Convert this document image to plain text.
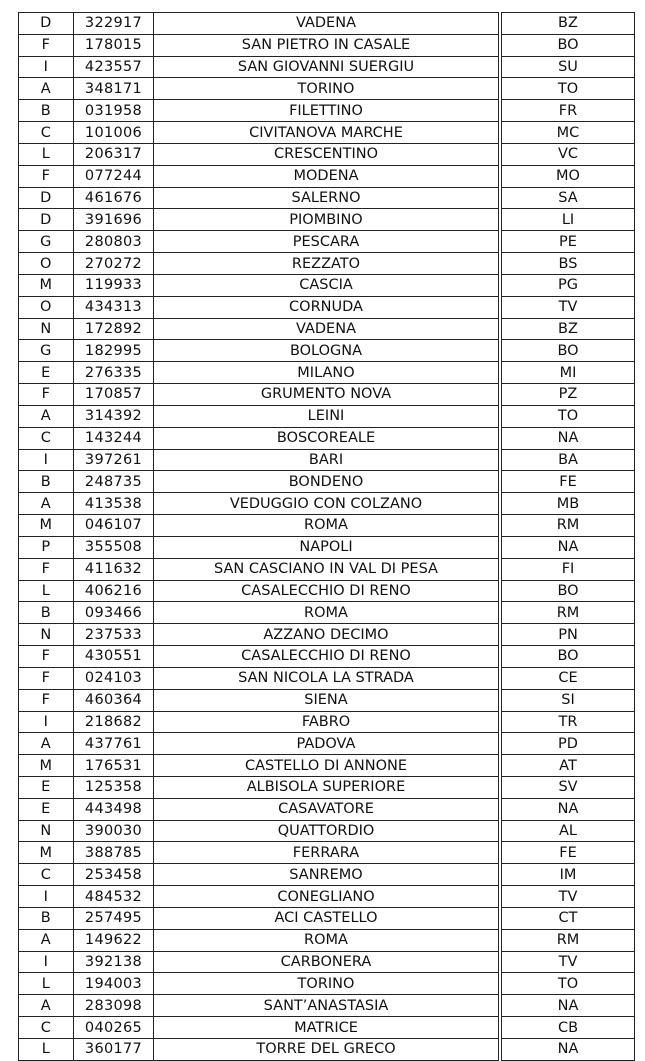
D	322917	VADENA		BZ
F	178015	SAN PIETRO IN CASALE		BO
I	423557	SAN GIOVANNI SUERGIU		SU
A	348171	TORINO		TO
B	031958	FILETTINO		FR
C	101006	CIVITANOVA MARCHE		MC
L	206317	CRESCENTINO		VC
F	077244	MODENA		MO
D	461676	SALERNO		SA
D	391696	PIOMBINO		LI
G	280803	PESCARA		PE
O	270272	REZZATO		BS
M	119933	CASCIA		PG
O	434313	CORNUDA		TV
N	172892	VADENA		BZ
G	182995	BOLOGNA		BO
E	276335	MILANO		MI
F	170857	GRUMENTO NOVA		PZ
A	314392	LEINI		TO
C	143244	BOSCOREALE		NA
I	397261	BARI		BA
B	248735	BONDENO		FE
A	413538	VEDUGGIO CON COLZANO		MB
M	046107	ROMA		RM
P	355508	NAPOLI		NA
F	411632	SAN CASCIANO IN VAL DI PESA		FI
L	406216	CASALECCHIO DI RENO		BO
B	093466	ROMA		RM
N	237533	AZZANO DECIMO		PN
F	430551	CASALECCHIO DI RENO		BO
F	024103	SAN NICOLA LA STRADA		CE
F	460364	SIENA		SI
I	218682	FABRO		TR
A	437761	PADOVA		PD
M	176531	CASTELLO DI ANNONE		AT
E	125358	ALBISOLA SUPERIORE		SV
E	443498	CASAVATORE		NA
N	390030	QUATTORDIO		AL
M	388785	FERRARA		FE
C	253458	SANREMO		IM
I	484532	CONEGLIANO		TV
B	257495	ACI CASTELLO		CT
A	149622	ROMA		RM
I	392138	CARBONERA		TV
L	194003	TORINO		TO
A	283098	SANT’ANASTASIA		NA
C	040265	MATRICE		CB
L	360177	TORRE DEL GRECO		NA
